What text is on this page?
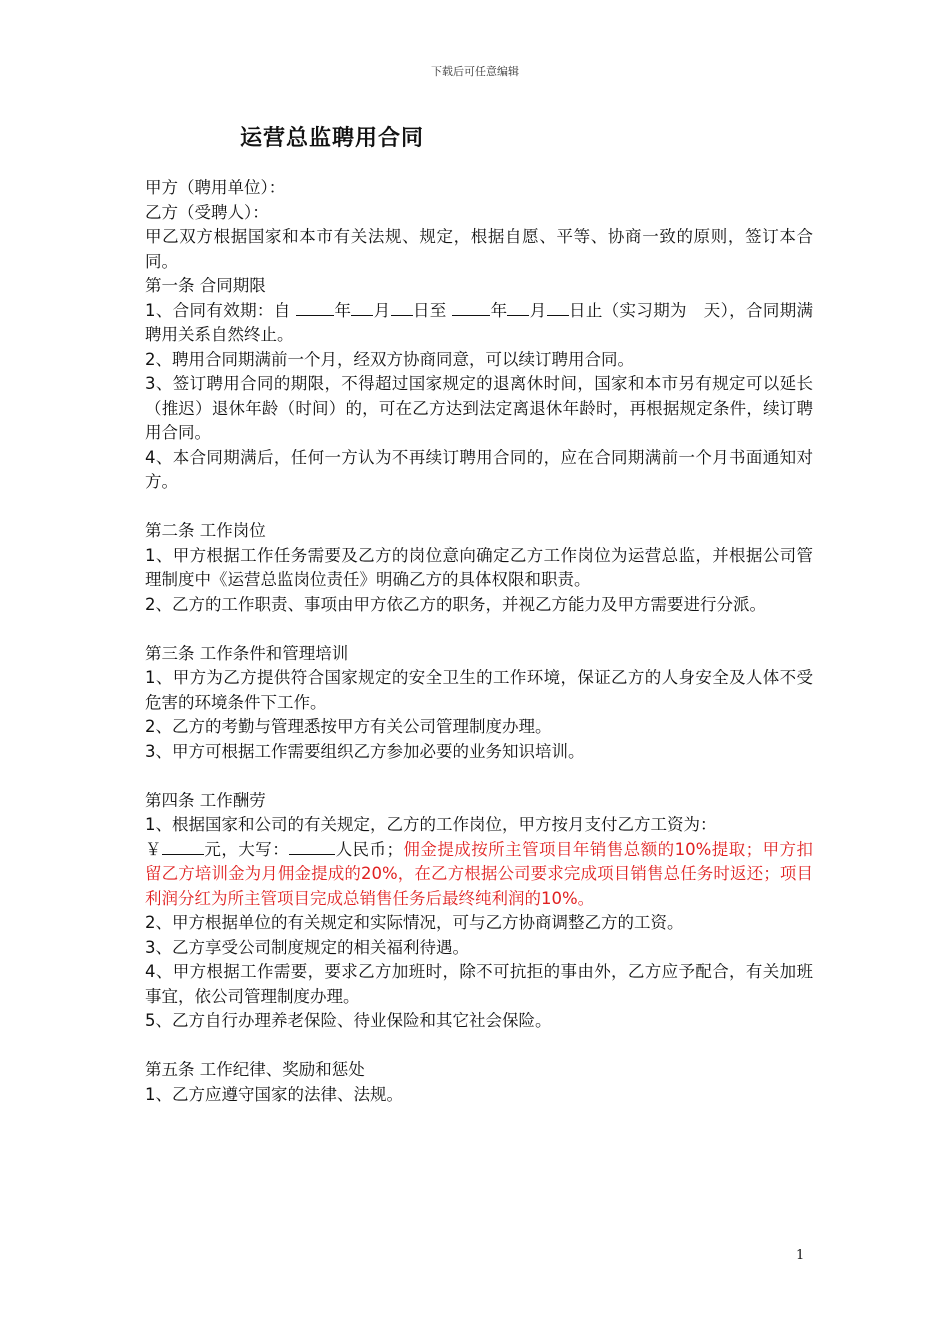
下载后可任意编辑
运营总监聘用合同

甲方（聘用单位）：

乙方（受聘人）：

甲乙双方根据国家和本市有关法规、规定，根据自愿、平等、协商一致的原则，签订本合同。

第一条 合同期限

1、合同有效期：自 年 月 日至 年 月 日止（实习期为　天），合同期满聘用关系自然终止。

2、聘用合同期满前一个月，经双方协商同意，可以续订聘用合同。

3、签订聘用合同的期限，不得超过国家规定的退离休时间，国家和本市另有规定可以延长（推迟）退休年龄（时间）的，可在乙方达到法定离退休年龄时，再根据规定条件，续订聘用合同。

4、本合同期满后，任何一方认为不再续订聘用合同的，应在合同期满前一个月书面通知对方。

第二条 工作岗位

1、甲方根据工作任务需要及乙方的岗位意向确定乙方工作岗位为运营总监，并根据公司管理制度中《运营总监岗位责任》明确乙方的具体权限和职责。

2、乙方的工作职责、事项由甲方依乙方的职务，并视乙方能力及甲方需要进行分派。

第三条 工作条件和管理培训

1、甲方为乙方提供符合国家规定的安全卫生的工作环境，保证乙方的人身安全及人体不受危害的环境条件下工作。

2、乙方的考勤与管理悉按甲方有关公司管理制度办理。

3、甲方可根据工作需要组织乙方参加必要的业务知识培训。

第四条 工作酬劳

1、根据国家和公司的有关规定，乙方的工作岗位，甲方按月支付乙方工资为：
￥	元，大写：	人民币；佣金提成按所主管项目年销售总额的10%提取；甲方扣留乙方培训金为月佣金提成的20%，在乙方根据公司要求完成项目销售总任务时返还；项目利润分红为所主管项目完成总销售任务后最终纯利润的10%。

2、甲方根据单位的有关规定和实际情况，可与乙方协商调整乙方的工资。

3、乙方享受公司制度规定的相关福利待遇。

4、甲方根据工作需要，要求乙方加班时，除不可抗拒的事由外，乙方应予配合，有关加班事宜，依公司管理制度办理。

5、乙方自行办理养老保险、待业保险和其它社会保险。

第五条 工作纪律、奖励和惩处

1、乙方应遵守国家的法律、法规。

1
